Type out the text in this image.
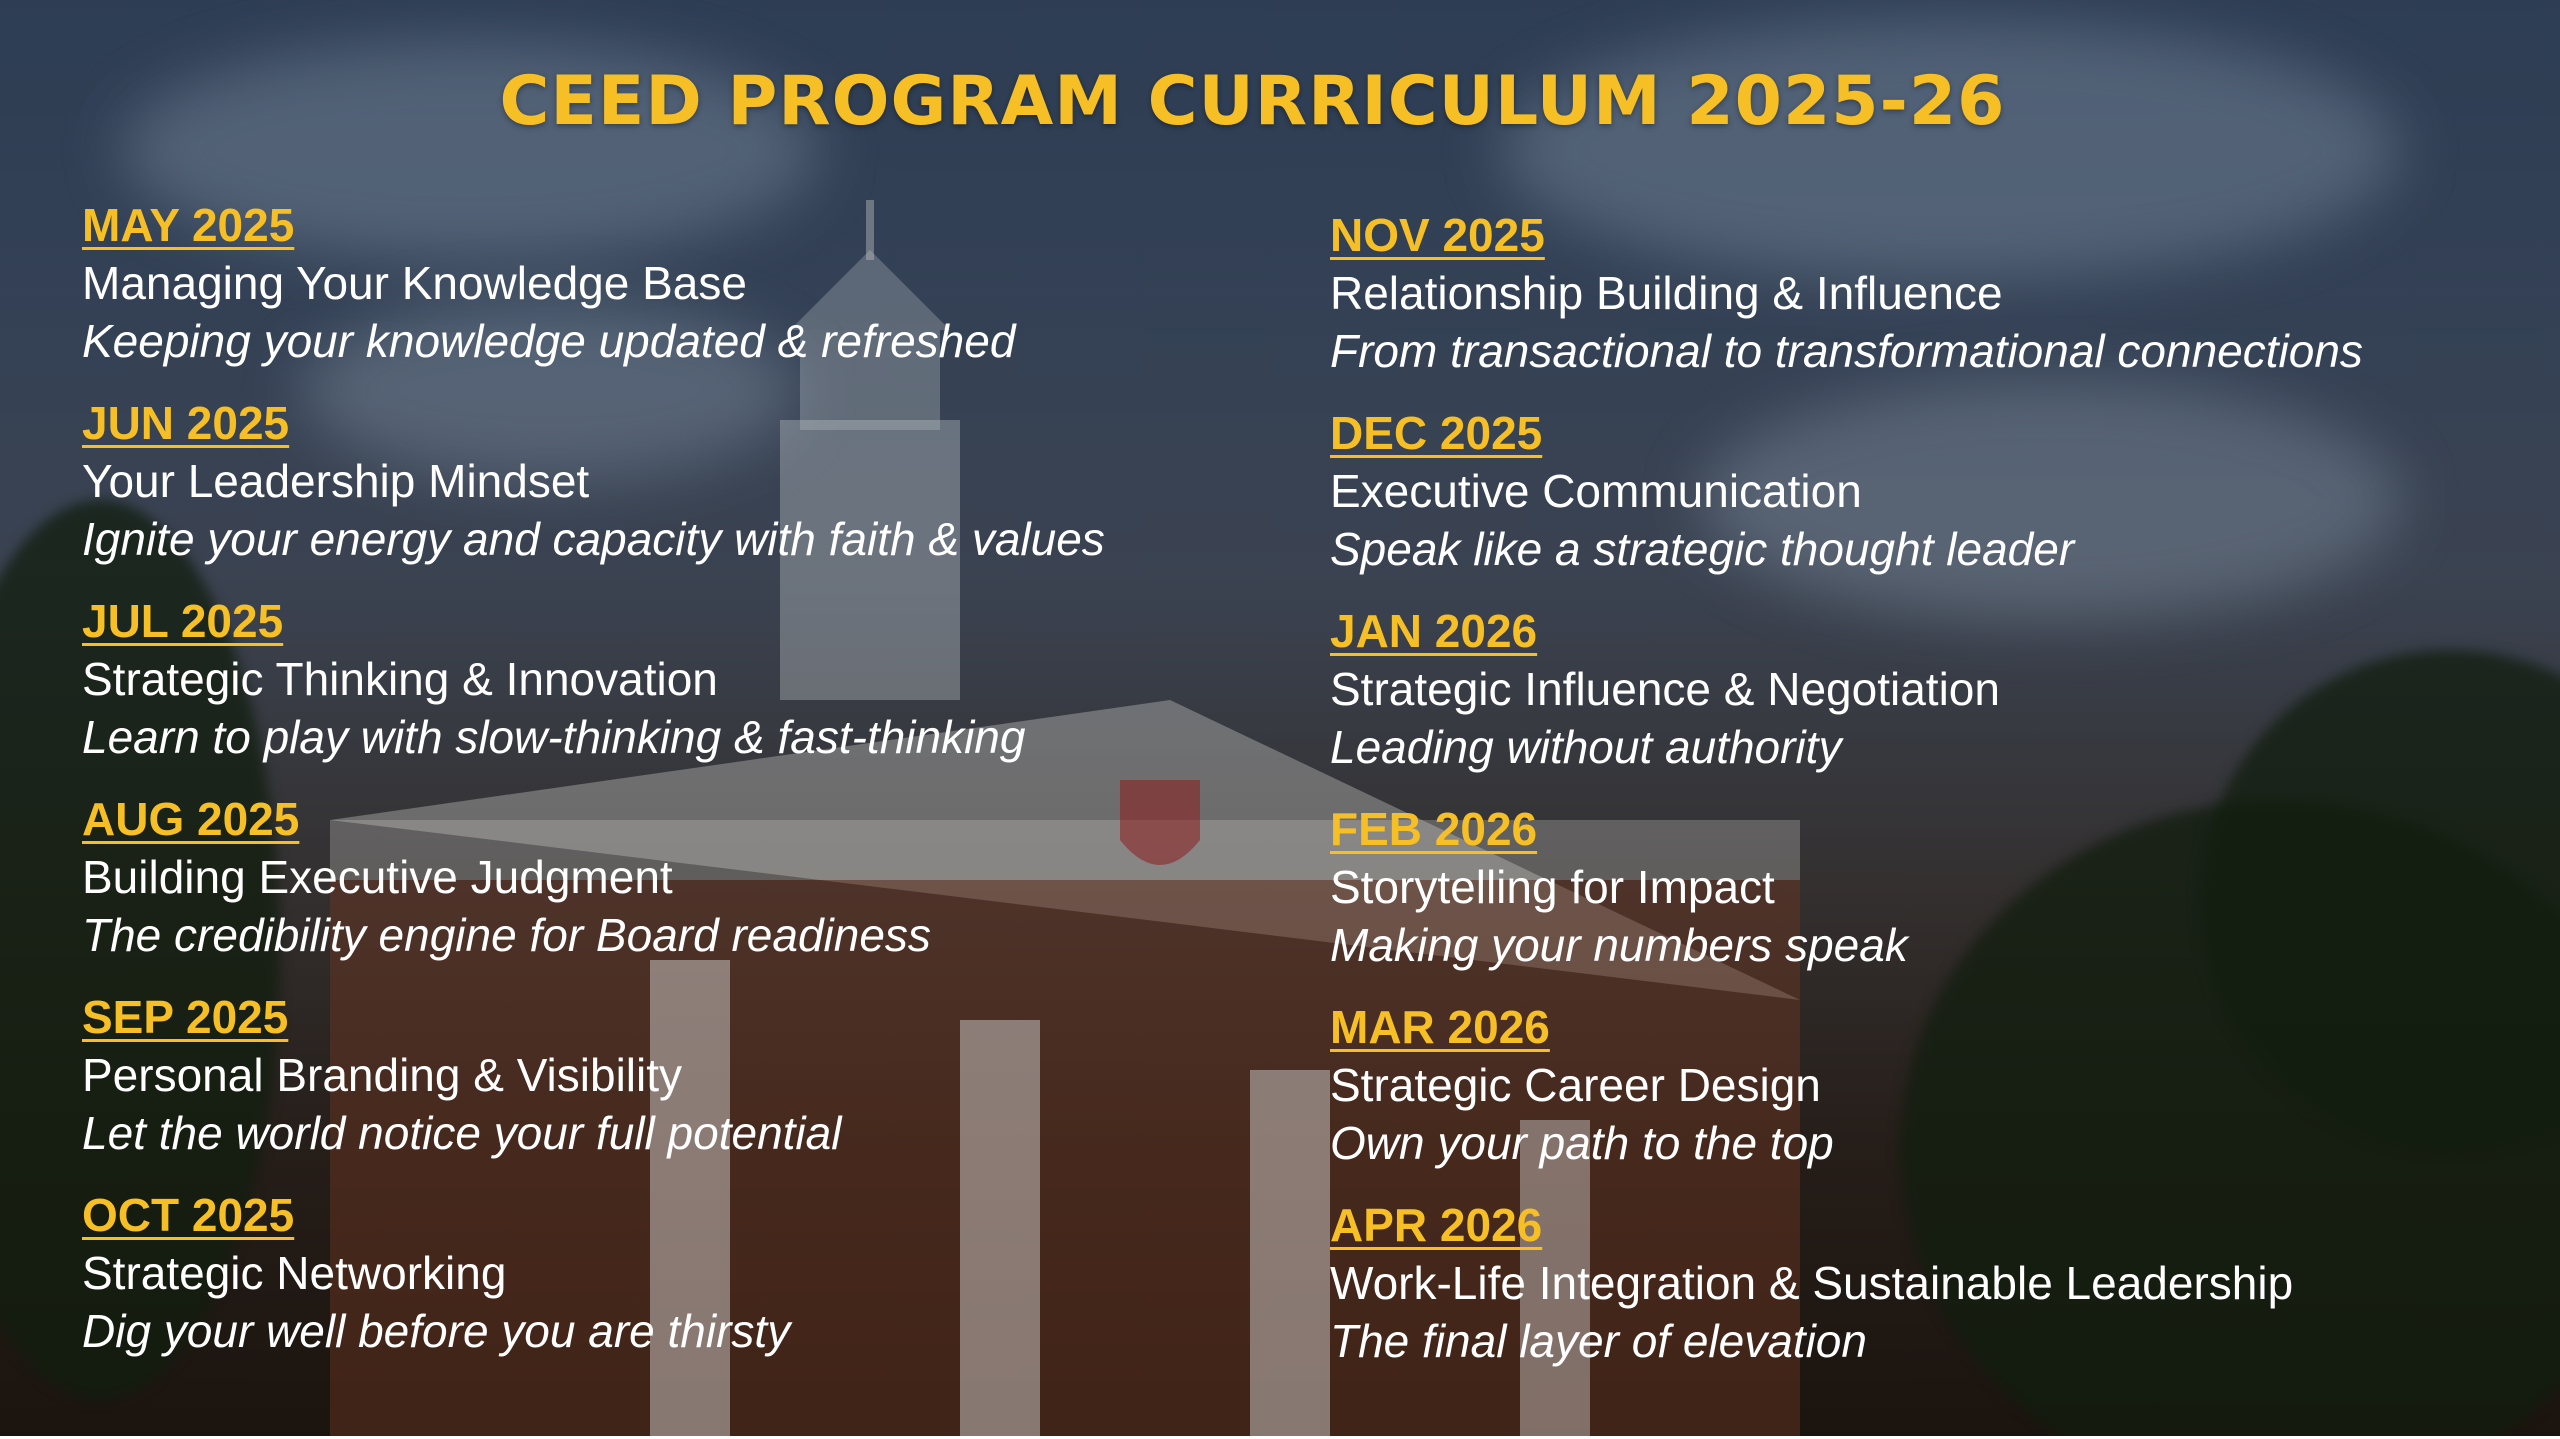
CEED PROGRAM CURRICULUM 2025-26
MAY 2025
Managing Your Knowledge Base
Keeping your knowledge updated & refreshed
JUN 2025
Your Leadership Mindset
Ignite your energy and capacity with faith & values
JUL 2025
Strategic Thinking & Innovation
Learn to play with slow-thinking & fast-thinking
AUG 2025
Building Executive Judgment
The credibility engine for Board readiness
SEP 2025
Personal Branding & Visibility
Let the world notice your full potential
OCT 2025
Strategic Networking
Dig your well before you are thirsty
NOV 2025
Relationship Building & Influence
From transactional to transformational connections
DEC 2025
Executive Communication
Speak like a strategic thought leader
JAN 2026
Strategic Influence & Negotiation
Leading without authority
FEB 2026
Storytelling for Impact
Making your numbers speak
MAR 2026
Strategic Career Design
Own your path to the top
APR 2026
Work-Life Integration & Sustainable Leadership
The final layer of elevation
